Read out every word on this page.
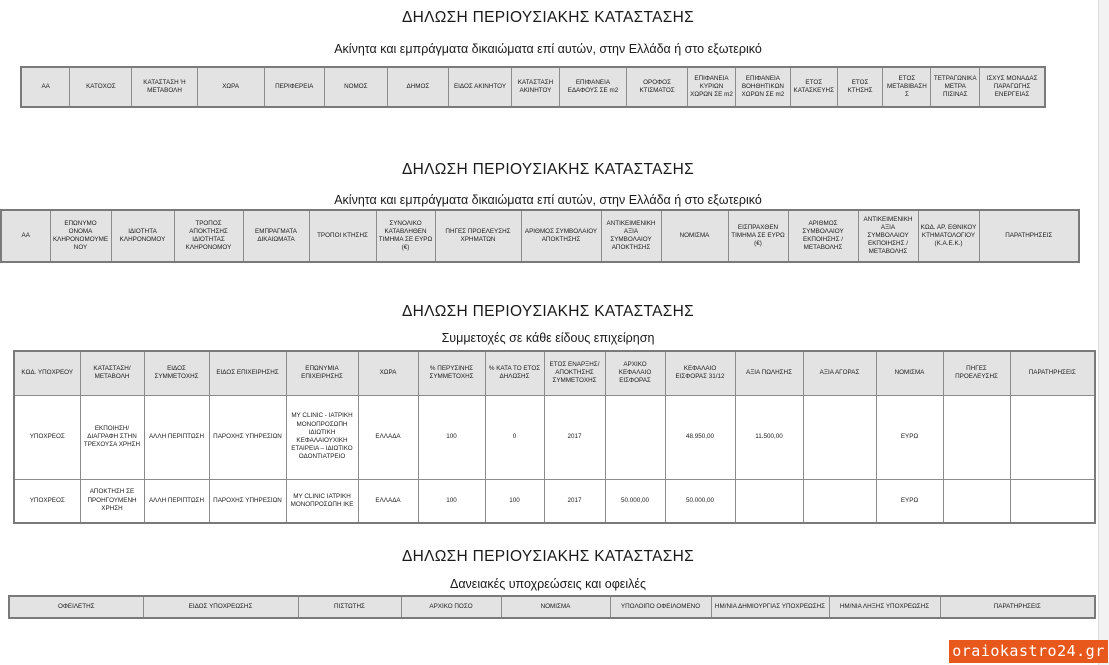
ΔΗΛΩΣΗ ΠΕΡΙΟΥΣΙΑΚΗΣ ΚΑΤΑΣΤΑΣΗΣ
Ακίνητα και εμπράγματα δικαιώματα επί αυτών, στην Ελλάδα ή στο εξωτερικό
ΑΑ	ΚΑΤΟΧΟΣ	ΚΑΤΑΣΤΑΣΗ Ή ΜΕΤΑΒΟΛΗ	ΧΩΡΑ	ΠΕΡΙΦΕΡΕΙΑ	ΝΟΜΟΣ	ΔΗΜΟΣ	ΕΙΔΟΣ ΑΚΙΝΗΤΟΥ	ΚΑΤΑΣΤΑΣΗ ΑΚΙΝΗΤΟΥ	ΕΠΙΦΑΝΕΙΑ ΕΔΑΦΟΥΣ ΣΕ m2	ΟΡΟΦΟΣ ΚΤΙΣΜΑΤΟΣ	ΕΠΙΦΑΝΕΙΑ ΚΥΡΙΩΝ ΧΩΡΩΝ ΣΕ m2	ΕΠΙΦΑΝΕΙΑ ΒΟΗΘΗΤΙΚΩΝ ΧΩΡΩΝ ΣΕ m2	ΕΤΟΣ ΚΑΤΑΣΚΕΥΗΣ	ΕΤΟΣ ΚΤΗΣΗΣ	ΕΤΟΣ ΜΕΤΑΒΙΒΑΣΗΣ	ΤΕΤΡΑΓΩΝΙΚΑ ΜΕΤΡΑ ΠΙΣΙΝΑΣ	ΙΣΧΥΣ ΜΟΝΑΔΑΣ ΠΑΡΑΓΩΓΗΣ ΕΝΕΡΓΕΙΑΣ
ΔΗΛΩΣΗ ΠΕΡΙΟΥΣΙΑΚΗΣ ΚΑΤΑΣΤΑΣΗΣ
Ακίνητα και εμπράγματα δικαιώματα επί αυτών, στην Ελλάδα ή στο εξωτερικό
ΑΑ	ΕΠΩΝΥΜΟ ΟΝΟΜΑ ΚΛΗΡΟΝΟΜΟΥΜΕΝΟΥ	ΙΔΙΟΤΗΤΑ ΚΛΗΡΟΝΟΜΟΥ	ΤΡΟΠΟΣ ΑΠΟΚΤΗΣΗΣ ΙΔΙΟΤΗΤΑΣ ΚΛΗΡΟΝΟΜΟΥ	ΕΜΠΡΑΓΜΑΤΑ ΔΙΚΑΙΩΜΑΤΑ	ΤΡΟΠΟΙ ΚΤΗΣΗΣ	ΣΥΝΟΛΙΚΟ ΚΑΤΑΒΛΗΘΕΝ ΤΙΜΗΜΑ ΣΕ ΕΥΡΩ (€)	ΠΗΓΕΣ ΠΡΟΕΛΕΥΣΗΣ ΧΡΗΜΑΤΩΝ	ΑΡΙΘΜΟΣ ΣΥΜΒΟΛΑΙΟΥ ΑΠΟΚΤΗΣΗΣ	ΑΝΤΙΚΕΙΜΕΝΙΚΗ ΑΞΙΑ ΣΥΜΒΟΛΑΙΟΥ ΑΠΟΚΤΗΣΗΣ	ΝΟΜΙΣΜΑ	ΕΙΣΠΡΑΧΘΕΝ ΤΙΜΗΜΑ ΣΕ ΕΥΡΩ (€)	ΑΡΙΘΜΟΣ ΣΥΜΒΟΛΑΙΟΥ ΕΚΠΟΙΗΣΗΣ /ΜΕΤΑΒΟΛΗΣ	ΑΝΤΙΚΕΙΜΕΝΙΚΗ ΑΞΙΑ ΣΥΜΒΟΛΑΙΟΥ ΕΚΠΟΙΗΣΗΣ / ΜΕΤΑΒΟΛΗΣ	ΚΩΔ. ΑΡ. ΕΘΝΙΚΟΥ ΚΤΗΜΑΤΟΛΟΓΙΟΥ (Κ.Α.Ε.Κ.)	ΠΑΡΑΤΗΡΗΣΕΙΣ
ΔΗΛΩΣΗ ΠΕΡΙΟΥΣΙΑΚΗΣ ΚΑΤΑΣΤΑΣΗΣ
Συμμετοχές σε κάθε είδους επιχείρηση
ΚΩΔ. ΥΠΟΧΡΕΟΥ	ΚΑΤΑΣΤΑΣΗ/ ΜΕΤΑΒΟΛΗ	ΕΙΔΟΣ ΣΥΜΜΕΤΟΧΗΣ	ΕΙΔΟΣ ΕΠΙΧΕΙΡΗΣΗΣ	ΕΠΩΝΥΜΙΑ ΕΠΙΧΕΙΡΗΣΗΣ	ΧΩΡΑ	% ΠΕΡΥΣΙΝΗΣ ΣΥΜΜΕΤΟΧΗΣ	% ΚΑΤΑ ΤΟ ΕΤΟΣ ΔΗΛΩΣΗΣ	ΕΤΟΣ ΕΝΑΡΞΗΣ/ΑΠΟΚΤΗΣΗΣ ΣΥΜΜΕΤΟΧΗΣ	ΑΡΧΙΚΟ ΚΕΦΑΛΑΙΟ ΕΙΣΦΟΡΑΣ	ΚΕΦΑΛΑΙΟ ΕΙΣΦΟΡΑΣ 31/12	ΑΞΙΑ ΠΩΛΗΣΗΣ	ΑΞΙΑ ΑΓΟΡΑΣ	ΝΟΜΙΣΜΑ	ΠΗΓΕΣ ΠΡΟΕΛΕΥΣΗΣ	ΠΑΡΑΤΗΡΗΣΕΙΣ
ΥΠΟΧΡΕΟΣ	ΕΚΠΟΙΗΣΗ/ΔΙΑΓΡΑΦΗ ΣΤΗΝ ΤΡΕΧΟΥΣΑ ΧΡΗΣΗ	ΑΛΛΗ ΠΕΡΙΠΤΩΣΗ	ΠΑΡΟΧΗΣ ΥΠΗΡΕΣΙΩΝ	MY CLINIC - ΙΑΤΡΙΚΗ ΜΟΝΟΠΡΟΣΩΠΗ ΙΔΙΩΤΙΚΗ ΚΕΦΑΛΑΙΟΥΧΙΚΗ ΕΤΑΙΡΕΙΑ – ΙΔΙΩΤΙΚΟ ΟΔΟΝΤΙΑΤΡΕΙΟ	ΕΛΛΑΔΑ	100	0	2017		48.950,00	11.500,00		ΕΥΡΩ		
ΥΠΟΧΡΕΟΣ	ΑΠΟΚΤΗΣΗ ΣΕ ΠΡΟΗΓΟΥΜΕΝΗ ΧΡΗΣΗ	ΑΛΛΗ ΠΕΡΙΠΤΩΣΗ	ΠΑΡΟΧΗΣ ΥΠΗΡΕΣΙΩΝ	MY CLINIC ΙΑΤΡΙΚΗ ΜΟΝΟΠΡΟΣΩΠΗ ΙΚΕ	ΕΛΛΑΔΑ	100	100	2017	50.000,00	50.000,00			ΕΥΡΩ		
ΔΗΛΩΣΗ ΠΕΡΙΟΥΣΙΑΚΗΣ ΚΑΤΑΣΤΑΣΗΣ
Δανειακές υποχρεώσεις και οφειλές
ΟΦΕΙΛΕΤΗΣ	ΕΙΔΟΣ ΥΠΟΧΡΕΩΣΗΣ	ΠΙΣΤΩΤΗΣ	ΑΡΧΙΚΟ ΠΟΣΟ	ΝΟΜΙΣΜΑ	ΥΠΟΛΟΙΠΟ ΟΦΕΙΛΟΜΕΝΟ	ΗΜ/ΝΙΑ ΔΗΜΙΟΥΡΓΙΑΣ ΥΠΟΧΡΕΩΣΗΣ	ΗΜ/ΝΙΑ ΛΗΞΗΣ ΥΠΟΧΡΕΩΣΗΣ	ΠΑΡΑΤΗΡΗΣΕΙΣ
oraiokastro24.gr
